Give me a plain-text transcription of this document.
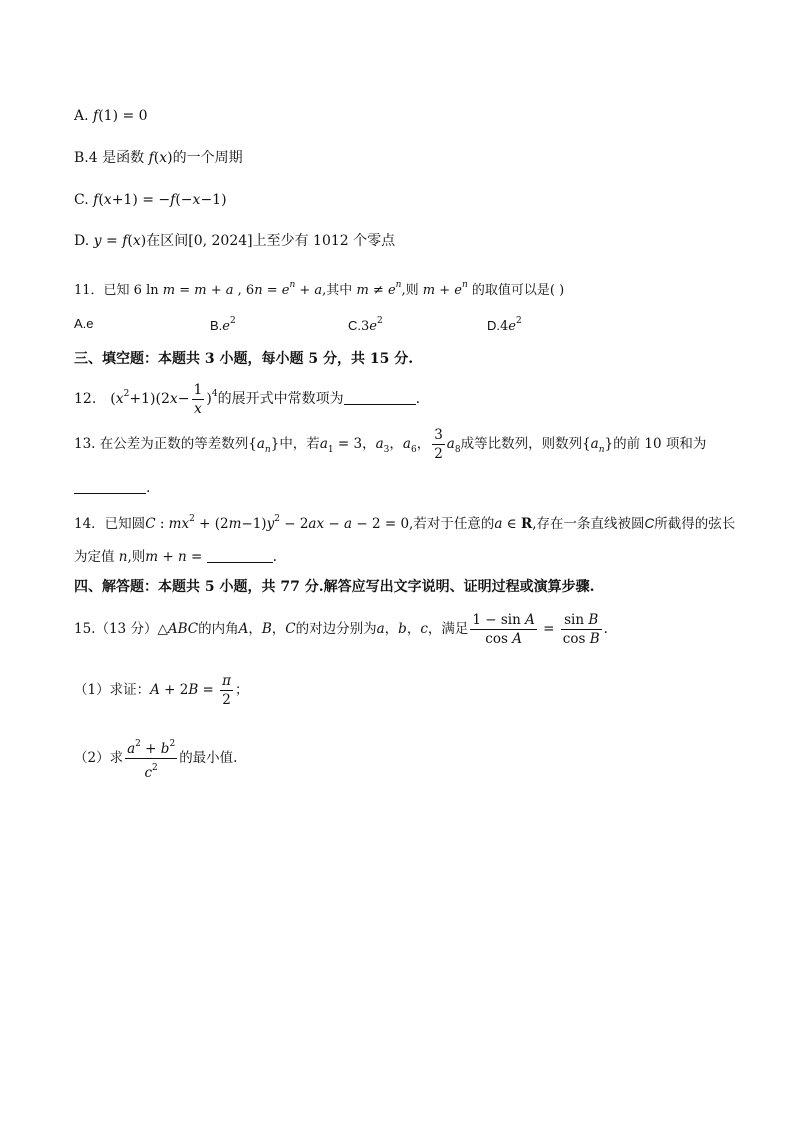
A. f(1) = 0
B.4 是函数 f(x)的一个周期
C. f(x+1) = −f(−x−1)
D. y = f(x)在区间[0, 2024]上至少有 1012 个零点
11．已知 6 ln m = m + a , $6n = e^n + a$,其中 $m \ne e^n$,则 $m + e^n$ 的取值可以是( )
A.e	$B.e^2$	$C.3e^2$	$D.4e^2$
三、填空题：本题共 3 小题，每小题 5 分，共 15 分.
12． $(x^2+1)(2x- \frac{1}{x} )^4$的展开式中常数项为	.
13. 在公差为正数的等差数列$\{a_n\}$中，若$a_1 = 3$，$a_3$，$a_6$， $\frac{3}{2} a_8$成等比数列，则数列$\{a_n\}$的前 10 项和为
.
14．已知圆C : $mx^2 + (2m-1)y^2 - 2ax - a - 2 = 0$,若对于任意的a ∈ R,存在一条直线被圆C所截得的弦长
为定值 n,则m + n =	.
四、解答题：本题共 5 小题，共 77 分.解答应写出文字说明、证明过程或演算步骤.
15.（13 分）△ABC的内角A，B，C的对边分别为a，b，c，满足 $\frac{\text{1 − sin A}}{\text{cos A}} = \frac{\text{sin B}}{\text{cos B}}$ .
（1）求证：$A + 2B = \frac{\pi}{2}$ ；
（2）求 $\frac{a^2 + b^2}{c^2}$ 的最小值.
